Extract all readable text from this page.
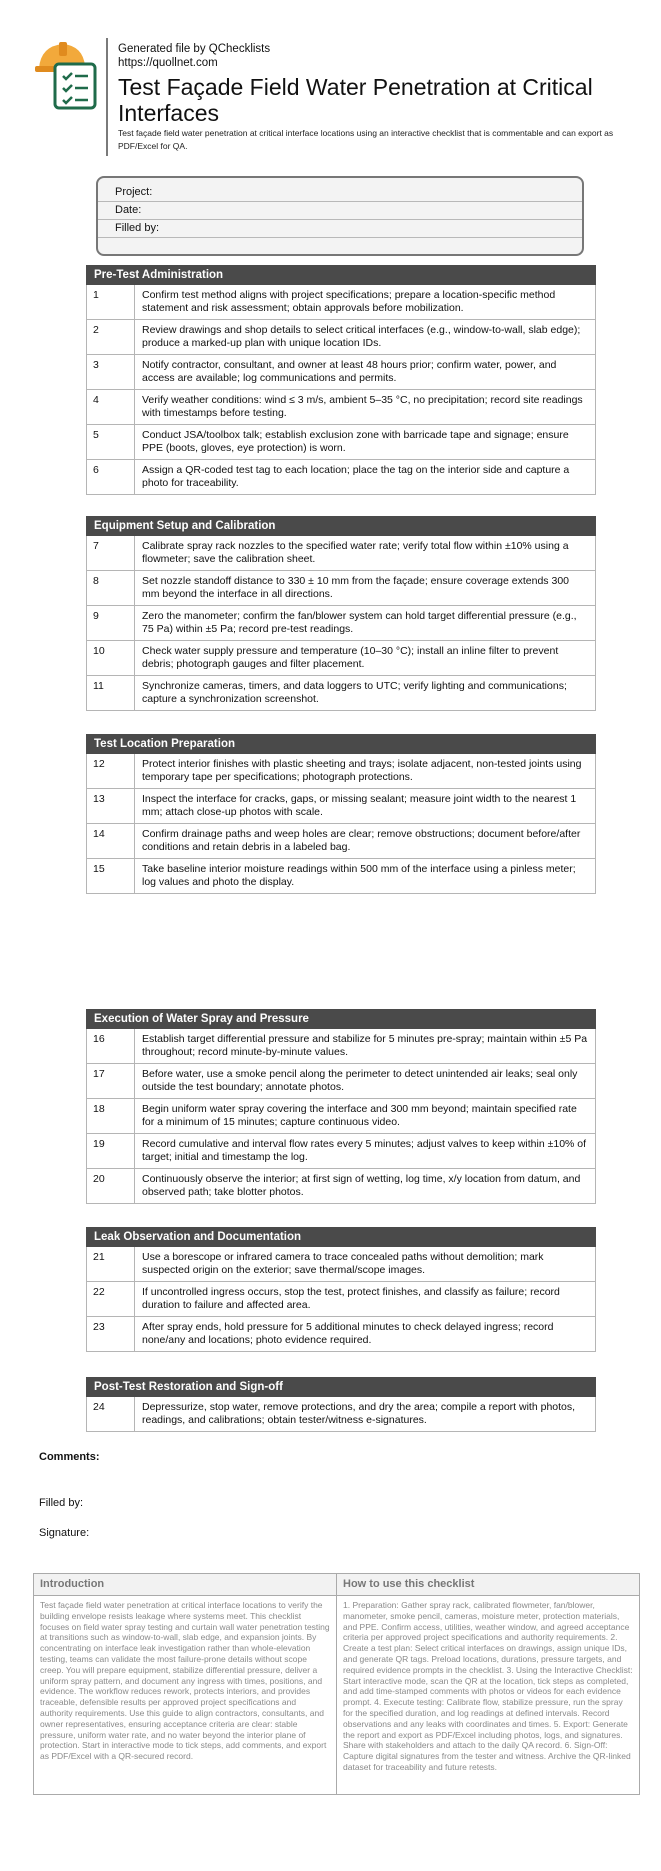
Generated file by QChecklists
https://quollnet.com
Test Façade Field Water Penetration at Critical Interfaces
Test façade field water penetration at critical interface locations using an interactive checklist that is commentable and can export as PDF/Excel for QA.
Project:
Date:
Filled by:
Pre-Test Administration
1	Confirm test method aligns with project specifications; prepare a location-specific method statement and risk assessment; obtain approvals before mobilization.
2	Review drawings and shop details to select critical interfaces (e.g., window-to-wall, slab edge); produce a marked-up plan with unique location IDs.
3	Notify contractor, consultant, and owner at least 48 hours prior; confirm water, power, and access are available; log communications and permits.
4	Verify weather conditions: wind ≤ 3 m/s, ambient 5–35 °C, no precipitation; record site readings with timestamps before testing.
5	Conduct JSA/toolbox talk; establish exclusion zone with barricade tape and signage; ensure PPE (boots, gloves, eye protection) is worn.
6	Assign a QR-coded test tag to each location; place the tag on the interior side and capture a photo for traceability.
Equipment Setup and Calibration
7	Calibrate spray rack nozzles to the specified water rate; verify total flow within ±10% using a flowmeter; save the calibration sheet.
8	Set nozzle standoff distance to 330 ± 10 mm from the façade; ensure coverage extends 300 mm beyond the interface in all directions.
9	Zero the manometer; confirm the fan/blower system can hold target differential pressure (e.g., 75 Pa) within ±5 Pa; record pre-test readings.
10	Check water supply pressure and temperature (10–30 °C); install an inline filter to prevent debris; photograph gauges and filter placement.
11	Synchronize cameras, timers, and data loggers to UTC; verify lighting and communications; capture a synchronization screenshot.
Test Location Preparation
12	Protect interior finishes with plastic sheeting and trays; isolate adjacent, non-tested joints using temporary tape per specifications; photograph protections.
13	Inspect the interface for cracks, gaps, or missing sealant; measure joint width to the nearest 1 mm; attach close-up photos with scale.
14	Confirm drainage paths and weep holes are clear; remove obstructions; document before/after conditions and retain debris in a labeled bag.
15	Take baseline interior moisture readings within 500 mm of the interface using a pinless meter; log values and photo the display.
Execution of Water Spray and Pressure
16	Establish target differential pressure and stabilize for 5 minutes pre-spray; maintain within ±5 Pa throughout; record minute-by-minute values.
17	Before water, use a smoke pencil along the perimeter to detect unintended air leaks; seal only outside the test boundary; annotate photos.
18	Begin uniform water spray covering the interface and 300 mm beyond; maintain specified rate for a minimum of 15 minutes; capture continuous video.
19	Record cumulative and interval flow rates every 5 minutes; adjust valves to keep within ±10% of target; initial and timestamp the log.
20	Continuously observe the interior; at first sign of wetting, log time, x/y location from datum, and observed path; take blotter photos.
Leak Observation and Documentation
21	Use a borescope or infrared camera to trace concealed paths without demolition; mark suspected origin on the exterior; save thermal/scope images.
22	If uncontrolled ingress occurs, stop the test, protect finishes, and classify as failure; record duration to failure and affected area.
23	After spray ends, hold pressure for 5 additional minutes to check delayed ingress; record none/any and locations; photo evidence required.
Post-Test Restoration and Sign-off
24	Depressurize, stop water, remove protections, and dry the area; compile a report with photos, readings, and calibrations; obtain tester/witness e-signatures.
Comments:
Filled by:
Signature:
Introduction
Test façade field water penetration at critical interface locations to verify the building envelope resists leakage where systems meet. This checklist focuses on field water spray testing and curtain wall water penetration testing at transitions such as window-to-wall, slab edge, and expansion joints. By concentrating on interface leak investigation rather than whole-elevation testing, teams can validate the most failure-prone details without scope creep. You will prepare equipment, stabilize differential pressure, deliver a uniform spray pattern, and document any ingress with times, positions, and evidence. The workflow reduces rework, protects interiors, and provides traceable, defensible results per approved project specifications and authority requirements. Use this guide to align contractors, consultants, and owner representatives, ensuring acceptance criteria are clear: stable pressure, uniform water rate, and no water beyond the interior plane of protection. Start in interactive mode to tick steps, add comments, and export as PDF/Excel with a QR-secured record.
How to use this checklist
1. Preparation: Gather spray rack, calibrated flowmeter, fan/blower, manometer, smoke pencil, cameras, moisture meter, protection materials, and PPE. Confirm access, utilities, weather window, and agreed acceptance criteria per approved project specifications and authority requirements. 2. Create a test plan: Select critical interfaces on drawings, assign unique IDs, and generate QR tags. Preload locations, durations, pressure targets, and required evidence prompts in the checklist. 3. Using the Interactive Checklist: Start interactive mode, scan the QR at the location, tick steps as completed, and add time-stamped comments with photos or videos for each evidence prompt. 4. Execute testing: Calibrate flow, stabilize pressure, run the spray for the specified duration, and log readings at defined intervals. Record observations and any leaks with coordinates and times. 5. Export: Generate the report and export as PDF/Excel including photos, logs, and signatures. Share with stakeholders and attach to the daily QA record. 6. Sign-Off: Capture digital signatures from the tester and witness. Archive the QR-linked dataset for traceability and future retests.
